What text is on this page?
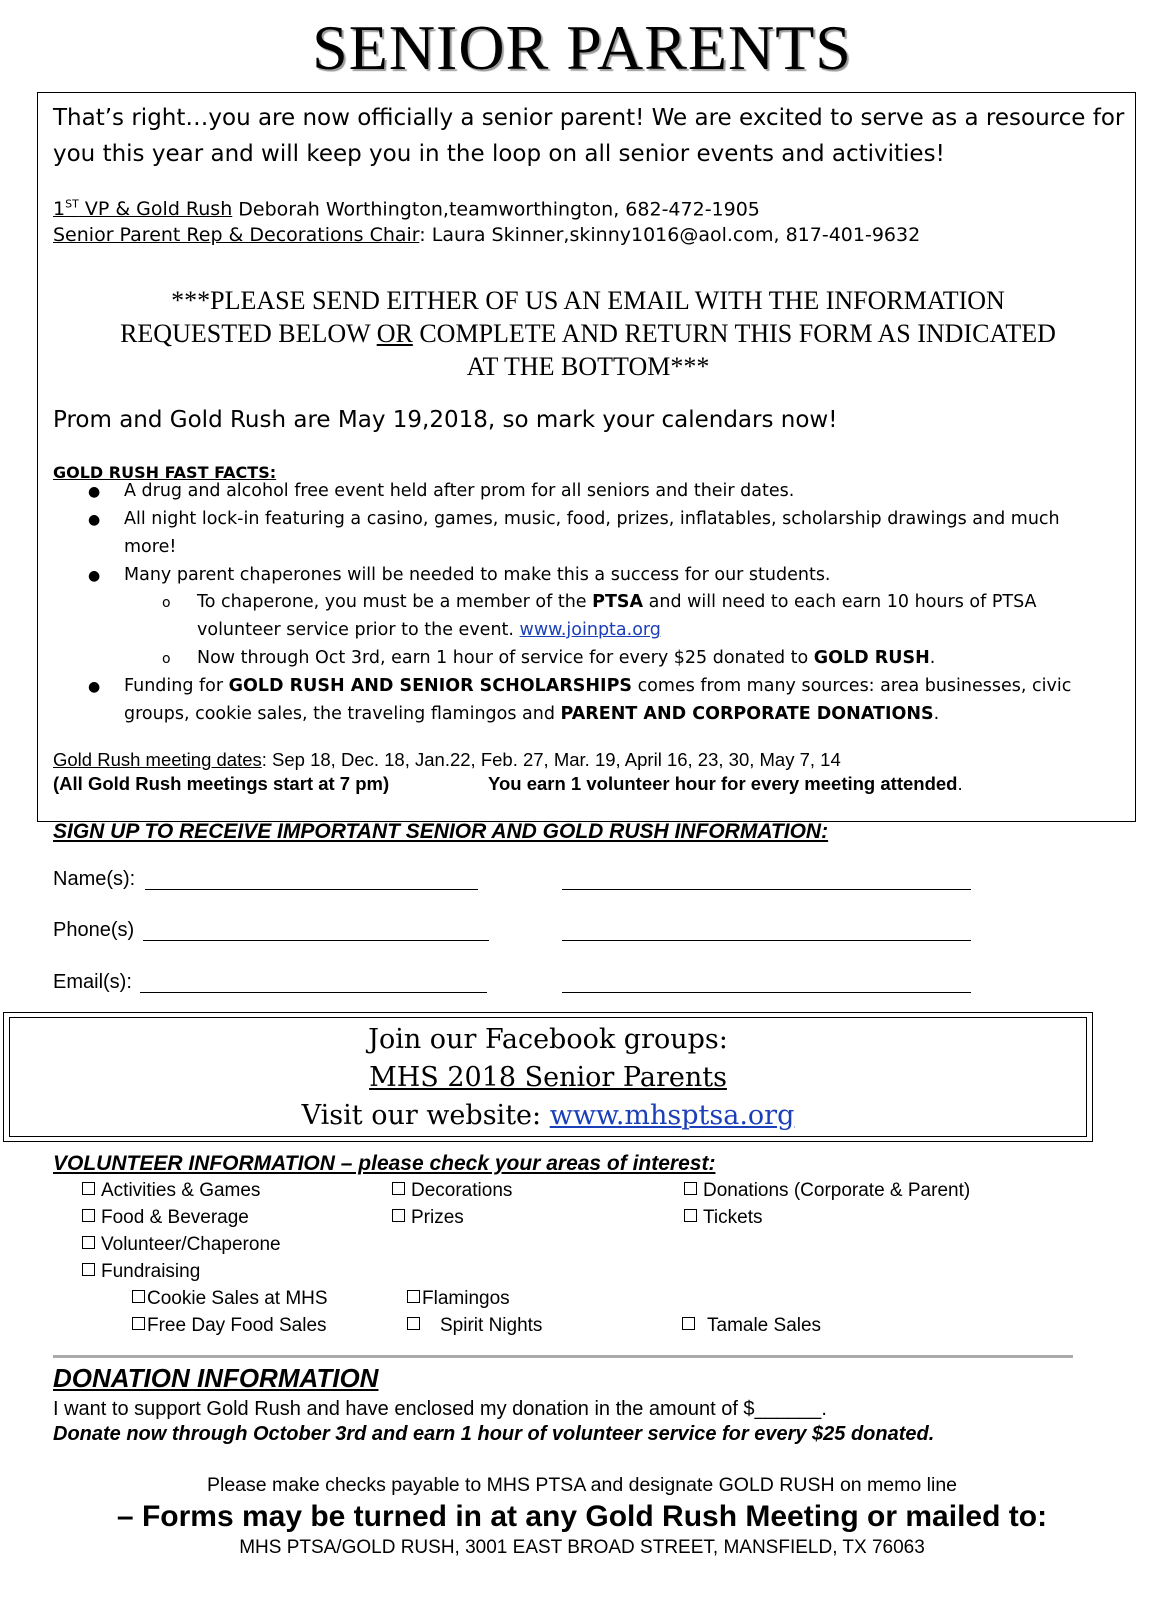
SENIOR PARENTS
That’s right…you are now officially a senior parent! We are excited to serve as a resource for you this year and will keep you in the loop on all senior events and activities!
1ST VP & Gold Rush Deborah Worthington,teamworthington, 682-472-1905
Senior Parent Rep & Decorations Chair: Laura Skinner,skinny1016@aol.com, 817-401-9632
***PLEASE SEND EITHER OF US AN EMAIL WITH THE INFORMATION
REQUESTED BELOW OR COMPLETE AND RETURN THIS FORM AS INDICATED
AT THE BOTTOM***
Prom and Gold Rush are May 19,2018, so mark your calendars now!
GOLD RUSH FAST FACTS:
● A drug and alcohol free event held after prom for all seniors and their dates.
● All night lock-in featuring a casino, games, music, food, prizes, inflatables, scholarship drawings and much
more!
● Many parent chaperones will be needed to make this a success for our students.
o To chaperone, you must be a member of the PTSA and will need to each earn 10 hours of PTSA
volunteer service prior to the event. www.joinpta.org
o Now through Oct 3rd, earn 1 hour of service for every $25 donated to GOLD RUSH.
● Funding for GOLD RUSH AND SENIOR SCHOLARSHIPS comes from many sources: area businesses, civic
groups, cookie sales, the traveling flamingos and PARENT AND CORPORATE DONATIONS.
Gold Rush meeting dates: Sep 18, Dec. 18, Jan.22, Feb. 27, Mar. 19, April 16, 23, 30, May 7, 14
(All Gold Rush meetings start at 7 pm)	You earn 1 volunteer hour for every meeting attended.
SIGN UP TO RECEIVE IMPORTANT SENIOR AND GOLD RUSH INFORMATION:
Name(s):
Phone(s)
Email(s):
Join our Facebook groups:
MHS 2018 Senior Parents
Visit our website: www.mhsptsa.org
VOLUNTEER INFORMATION – please check your areas of interest:
Activities & Games	Decorations	Donations (Corporate & Parent)
Food & Beverage	Prizes	Tickets
Volunteer/Chaperone
Fundraising
Cookie Sales at MHS	Flamingos
Free Day Food Sales	Spirit Nights	Tamale Sales
DONATION INFORMATION
I want to support Gold Rush and have enclosed my donation in the amount of $______.
Donate now through October 3rd and earn 1 hour of volunteer service for every $25 donated.
Please make checks payable to MHS PTSA and designate GOLD RUSH on memo line
– Forms may be turned in at any Gold Rush Meeting or mailed to:
MHS PTSA/GOLD RUSH, 3001 EAST BROAD STREET, MANSFIELD, TX 76063
